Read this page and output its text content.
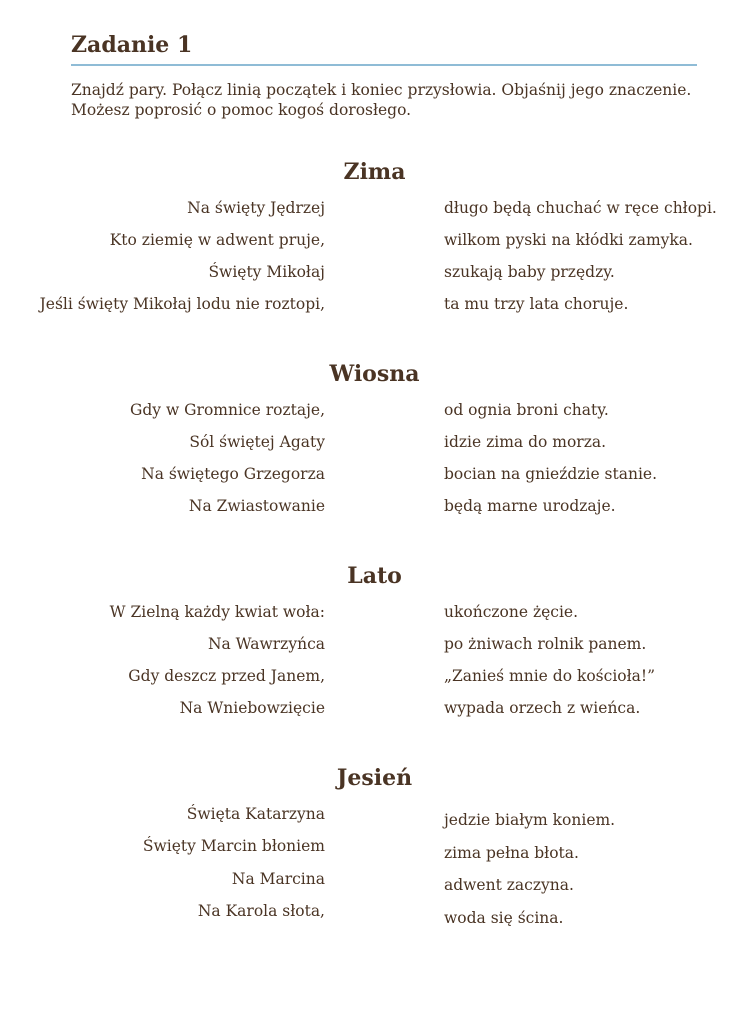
Zadanie 1
Znajdź pary. Połącz linią początek i koniec przysłowia. Objaśnij jego znaczenie.
Możesz poprosić o pomoc kogoś dorosłego.
Zima
Na święty Jędrzej
Kto ziemię w adwent pruje,
Święty Mikołaj
Jeśli święty Mikołaj lodu nie roztopi,
długo będą chuchać w ręce chłopi.
wilkom pyski na kłódki zamyka.
szukają baby przędzy.
ta mu trzy lata choruje.
Wiosna
Gdy w Gromnice roztaje,
Sól świętej Agaty
Na świętego Grzegorza
Na Zwiastowanie
od ognia broni chaty.
idzie zima do morza.
bocian na gnieździe stanie.
będą marne urodzaje.
Lato
W Zielną każdy kwiat woła:
Na Wawrzyńca
Gdy deszcz przed Janem,
Na Wniebowzięcie
ukończone żęcie.
po żniwach rolnik panem.
„Zanieś mnie do kościoła!”
wypada orzech z wieńca.
Jesień
Święta Katarzyna
Święty Marcin błoniem
Na Marcina
Na Karola słota,
jedzie białym koniem.
zima pełna błota.
adwent zaczyna.
woda się ścina.
